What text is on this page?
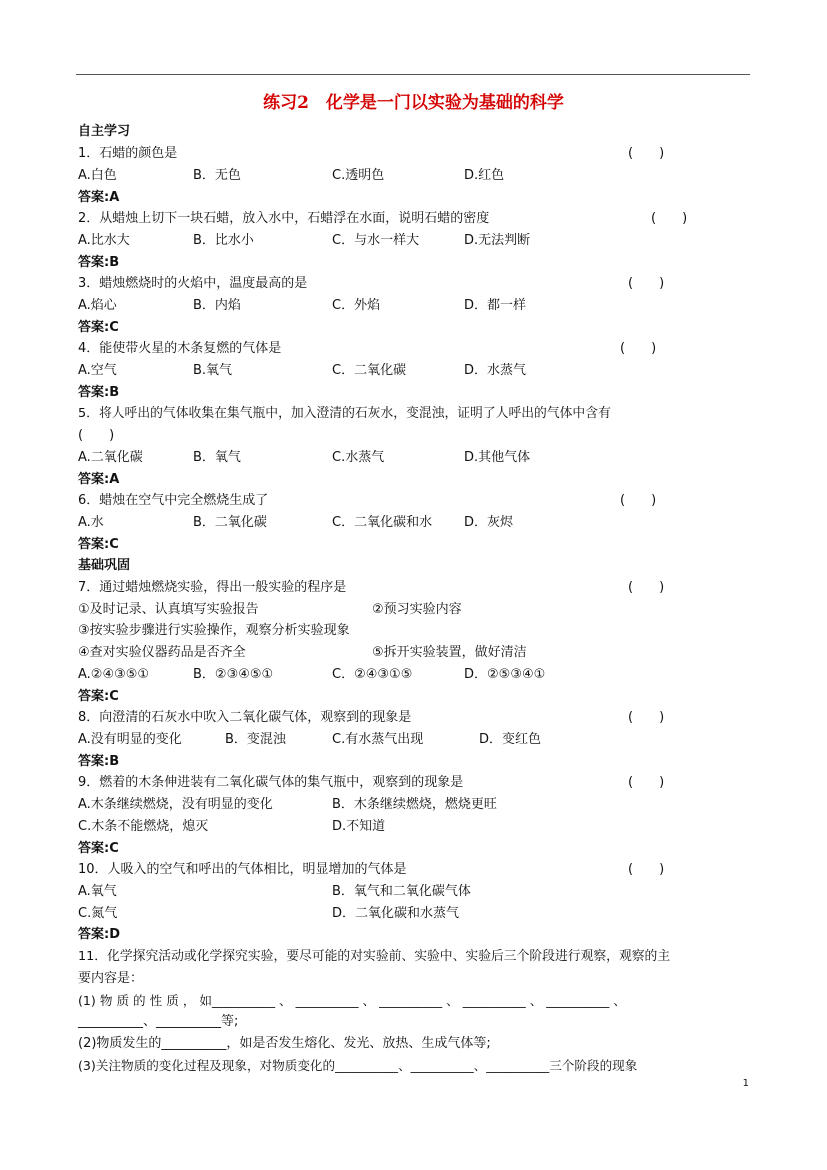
练习2　化学是一门以实验为基础的科学
自主学习
1．石蜡的颜色是	(　　)
A.白色	B．无色	C.透明色	D.红色
答案:A
2．从蜡烛上切下一块石蜡，放入水中，石蜡浮在水面，说明石蜡的密度	(　　)
A.比水大	B．比水小	C．与水一样大	D.无法判断
答案:B
3．蜡烛燃烧时的火焰中，温度最高的是	(　　)
A.焰心	B．内焰	C．外焰	D．都一样
答案:C
4．能使带火星的木条复燃的气体是	(　　)
A.空气	B.氧气	C．二氧化碳	D．水蒸气
答案:B
5．将人呼出的气体收集在集气瓶中，加入澄清的石灰水，变混浊，证明了人呼出的气体中含有
(　　)
A.二氧化碳	B．氧气	C.水蒸气	D.其他气体
答案:A
6．蜡烛在空气中完全燃烧生成了	(　　)
A.水	B．二氧化碳	C．二氧化碳和水 D．灰烬
答案:C
基础巩固
7．通过蜡烛燃烧实验，得出一般实验的程序是	(　　)
①及时记录、认真填写实验报告	②预习实验内容
③按实验步骤进行实验操作，观察分析实验现象
④查对实验仪器药品是否齐全	⑤拆开实验装置，做好清洁
A.②④③⑤①	B．②③④⑤①	C．②④③①⑤	D．②⑤③④①
答案:C
8．向澄清的石灰水中吹入二氧化碳气体，观察到的现象是	(　　)
A.没有明显的变化	B．变混浊	C.有水蒸气出现	D．变红色
答案:B
9．燃着的木条伸进装有二氧化碳气体的集气瓶中，观察到的现象是	(　　)
A.木条继续燃烧，没有明显的变化	B．木条继续燃烧，燃烧更旺
C.木条不能燃烧，熄灭	D.不知道
答案:C
10．人吸入的空气和呼出的气体相比，明显增加的气体是	(　　)
A.氧气	B．氧气和二氧化碳气体
C.氮气	D．二氧化碳和水蒸气
答案:D
11．化学探究活动或化学探究实验，要尽可能的对实验前、实验中、实验后三个阶段进行观察，观察的主
要内容是：
(1) 物 质 的 性 质 ， 如__________ 、 __________ 、 __________ 、 __________ 、 __________ 、
__________、__________等;
(2)物质发生的__________，如是否发生熔化、发光、放热、生成气体等;
(3)关注物质的变化过程及现象，对物质变化的__________、__________、__________三个阶段的现象
1
